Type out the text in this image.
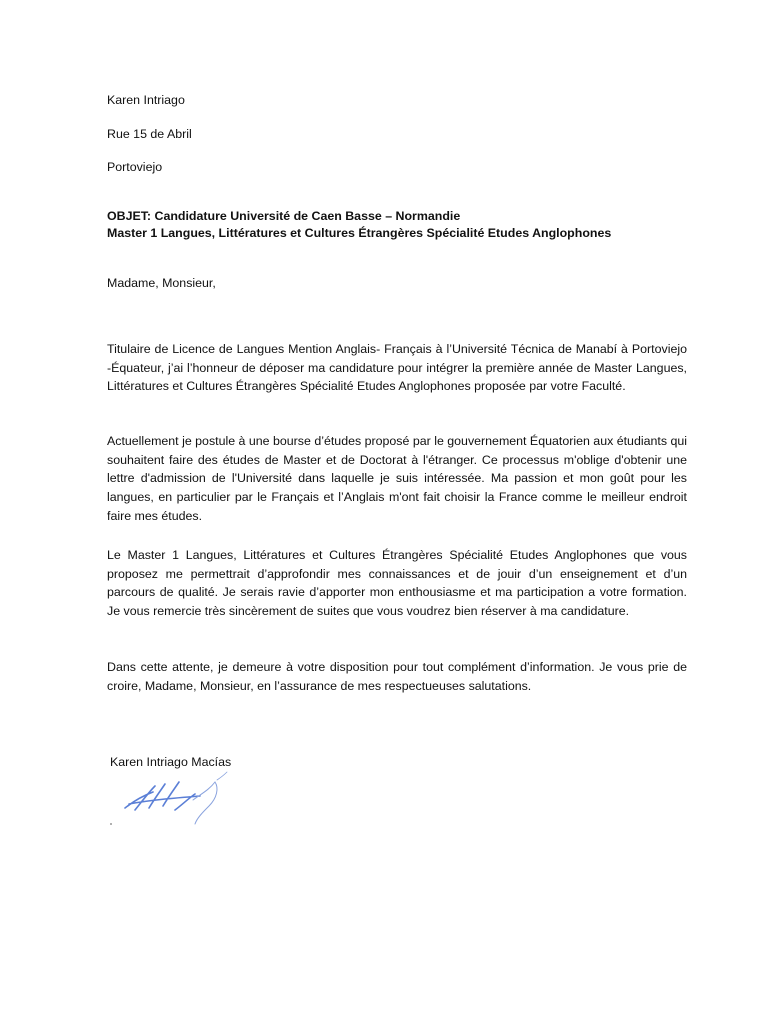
Karen Intriago
Rue 15 de Abril
Portoviejo
OBJET: Candidature Université de Caen Basse – Normandie
Master 1 Langues, Littératures et Cultures Étrangères Spécialité Etudes Anglophones
Madame, Monsieur,
Titulaire de Licence de Langues Mention Anglais- Français à l’Université Técnica de Manabí à Portoviejo -Équateur, j’ai l’honneur de déposer ma candidature pour intégrer la première année de Master Langues, Littératures et Cultures Étrangères Spécialité Etudes Anglophones proposée par votre Faculté.
Actuellement je postule à une bourse d’études proposé par le gouvernement Équatorien aux étudiants qui souhaitent faire des études de Master et de Doctorat à l'étranger. Ce processus m'oblige d'obtenir une lettre d'admission de l'Université dans laquelle je suis intéressée. Ma passion et mon goût pour les langues, en particulier par le Français et l’Anglais m'ont fait choisir la France comme le meilleur endroit faire mes études.
Le Master 1 Langues, Littératures et Cultures Étrangères Spécialité Etudes Anglophones que vous proposez me permettrait d’approfondir mes connaissances et de jouir d’un enseignement et d’un parcours de qualité. Je serais ravie d’apporter mon enthousiasme et ma participation a votre formation. Je vous remercie très sincèrement de suites que vous voudrez bien réserver à ma candidature.
Dans cette attente, je demeure à votre disposition pour tout complément d’information. Je vous prie de croire, Madame, Monsieur, en l’assurance de mes respectueuses salutations.
Karen Intriago Macías
